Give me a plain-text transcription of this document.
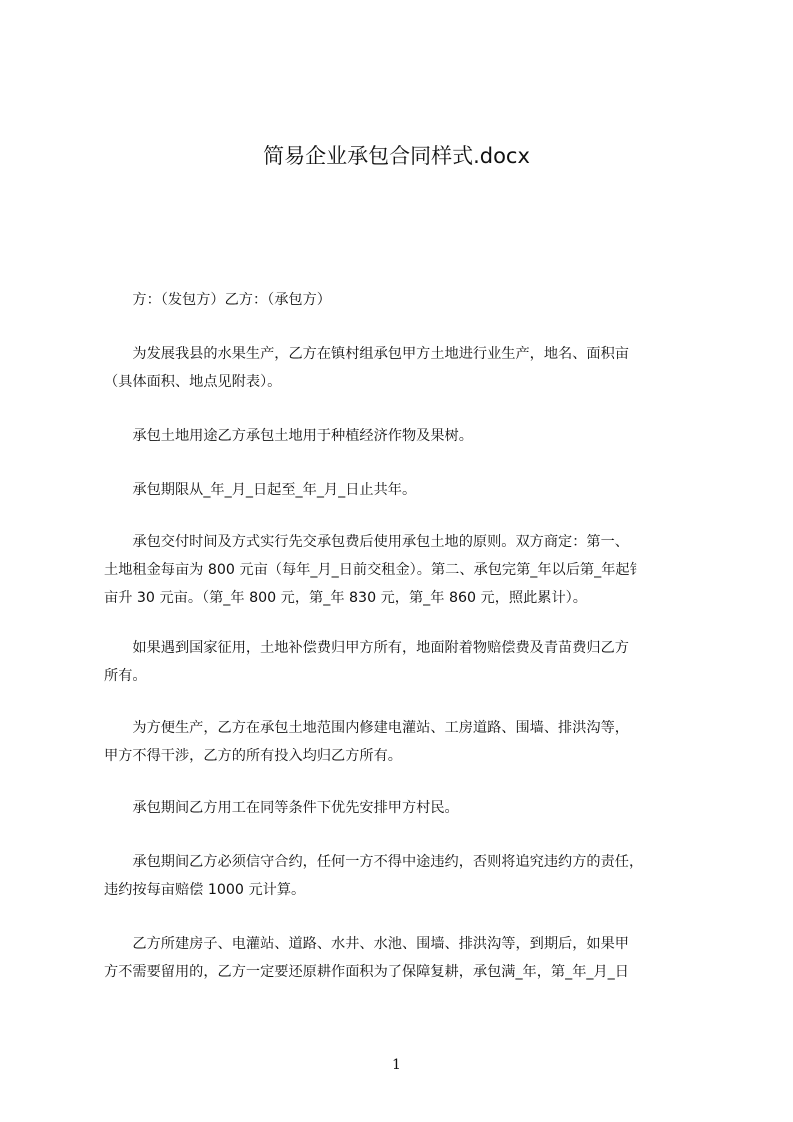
简易企业承包合同样式.docx

　　方：（发包方）乙方：（承包方）

　　为发展我县的水果生产，乙方在镇村组承包甲方土地进行业生产，地名、面积亩
（具体面积、地点见附表）。

　　承包土地用途乙方承包土地用于种植经济作物及果树。

　　承包期限从_年_月_日起至_年_月_日止共年。

　　承包交付时间及方式实行先交承包费后使用承包土地的原则。双方商定：第一、
土地租金每亩为 800 元亩（每年_月_日前交租金）。第二、承包完第_年以后第_年起钅
亩升 30 元亩。（第_年 800 元，第_年 830 元，第_年 860 元，照此累计）。

　　如果遇到国家征用，土地补偿费归甲方所有，地面附着物赔偿费及青苗费归乙方
所有。

　　为方便生产，乙方在承包土地范围内修建电灌站、工房道路、围墙、排洪沟等，
甲方不得干涉，乙方的所有投入均归乙方所有。

　　承包期间乙方用工在同等条件下优先安排甲方村民。

　　承包期间乙方必须信守合约，任何一方不得中途违约，否则将追究违约方的责任，
违约按每亩赔偿 1000 元计算。

　　乙方所建房子、电灌站、道路、水井、水池、围墙、排洪沟等，到期后，如果甲
方不需要留用的，乙方一定要还原耕作面积为了保障复耕，承包满_年，第_年_月_日

1
